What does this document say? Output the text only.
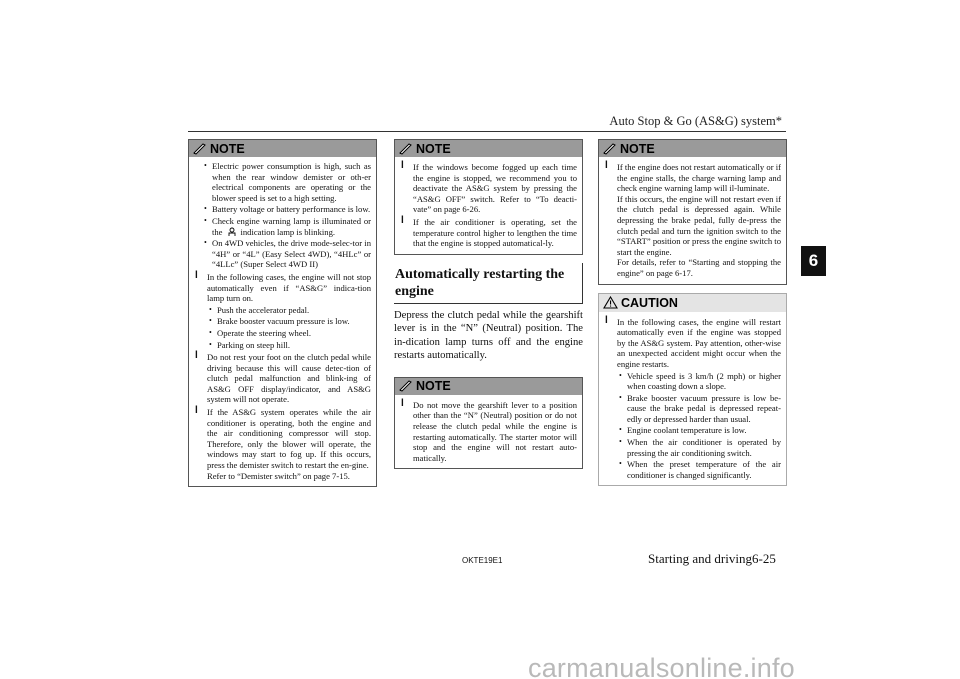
Auto Stop & Go (AS&G) system*
6
NOTE
• Electric power consumption is high, such as when the rear window demister or oth-er electrical components are operating or the blower speed is set to a high setting.
• Battery voltage or battery performance is low.
• Check engine warning lamp is illuminated or the indication lamp is blinking.
• On 4WD vehicles, the drive mode-selec-tor in “4H” or “4L” (Easy Select 4WD), “4HLc” or “4LLc” (Super Select 4WD II)
l In the following cases, the engine will not stop automatically even if “AS&G” indica-tion lamp turn on.
• Push the accelerator pedal.
• Brake booster vacuum pressure is low.
• Operate the steering wheel.
• Parking on steep hill.
l Do not rest your foot on the clutch pedal while driving because this will cause detec-tion of clutch pedal malfunction and blink-ing of AS&G OFF display/indicator, and AS&G system will not operate.
l If the AS&G system operates while the air conditioner is operating, both the engine and the air conditioning compressor will stop. Therefore, only the blower will operate, the windows may start to fog up. If this occurs, press the demister switch to restart the en-gine.
Refer to “Demister switch” on page 7-15.
NOTE
l If the windows become fogged up each time the engine is stopped, we recommend you to deactivate the AS&G system by pressing the “AS&G OFF” switch. Refer to “To deacti-vate” on page 6-26.
l If the air conditioner is operating, set the temperature control higher to lengthen the time that the engine is stopped automatical-ly.
Automatically restarting the engine
Depress the clutch pedal while the gearshift lever is in the “N” (Neutral) position. The in-dication lamp turns off and the engine restarts automatically.
NOTE
l Do not move the gearshift lever to a position other than the “N” (Neutral) position or do not release the clutch pedal while the engine is restarting automatically. The starter motor will stop and the engine will not restart auto-matically.
NOTE
l If the engine does not restart automatically or if the engine stalls, the charge warning lamp and check engine warning lamp will il-luminate.
If this occurs, the engine will not restart even if the clutch pedal is depressed again. While depressing the brake pedal, fully de-press the clutch pedal and turn the ignition switch to the “START” position or press the engine switch to start the engine.
For details, refer to “Starting and stopping the engine” on page 6-17.
CAUTION
l In the following cases, the engine will restart automatically even if the engine was stopped by the AS&G system. Pay attention, other-wise an unexpected accident might occur when the engine restarts.
• Vehicle speed is 3 km/h (2 mph) or higher when coasting down a slope.
• Brake booster vacuum pressure is low be-cause the brake pedal is depressed repeat-edly or depressed harder than usual.
• Engine coolant temperature is low.
• When the air conditioner is operated by pressing the air conditioning switch.
• When the preset temperature of the air conditioner is changed significantly.
OKTE19E1	Starting and driving 6-25
carmanualsonline.info
